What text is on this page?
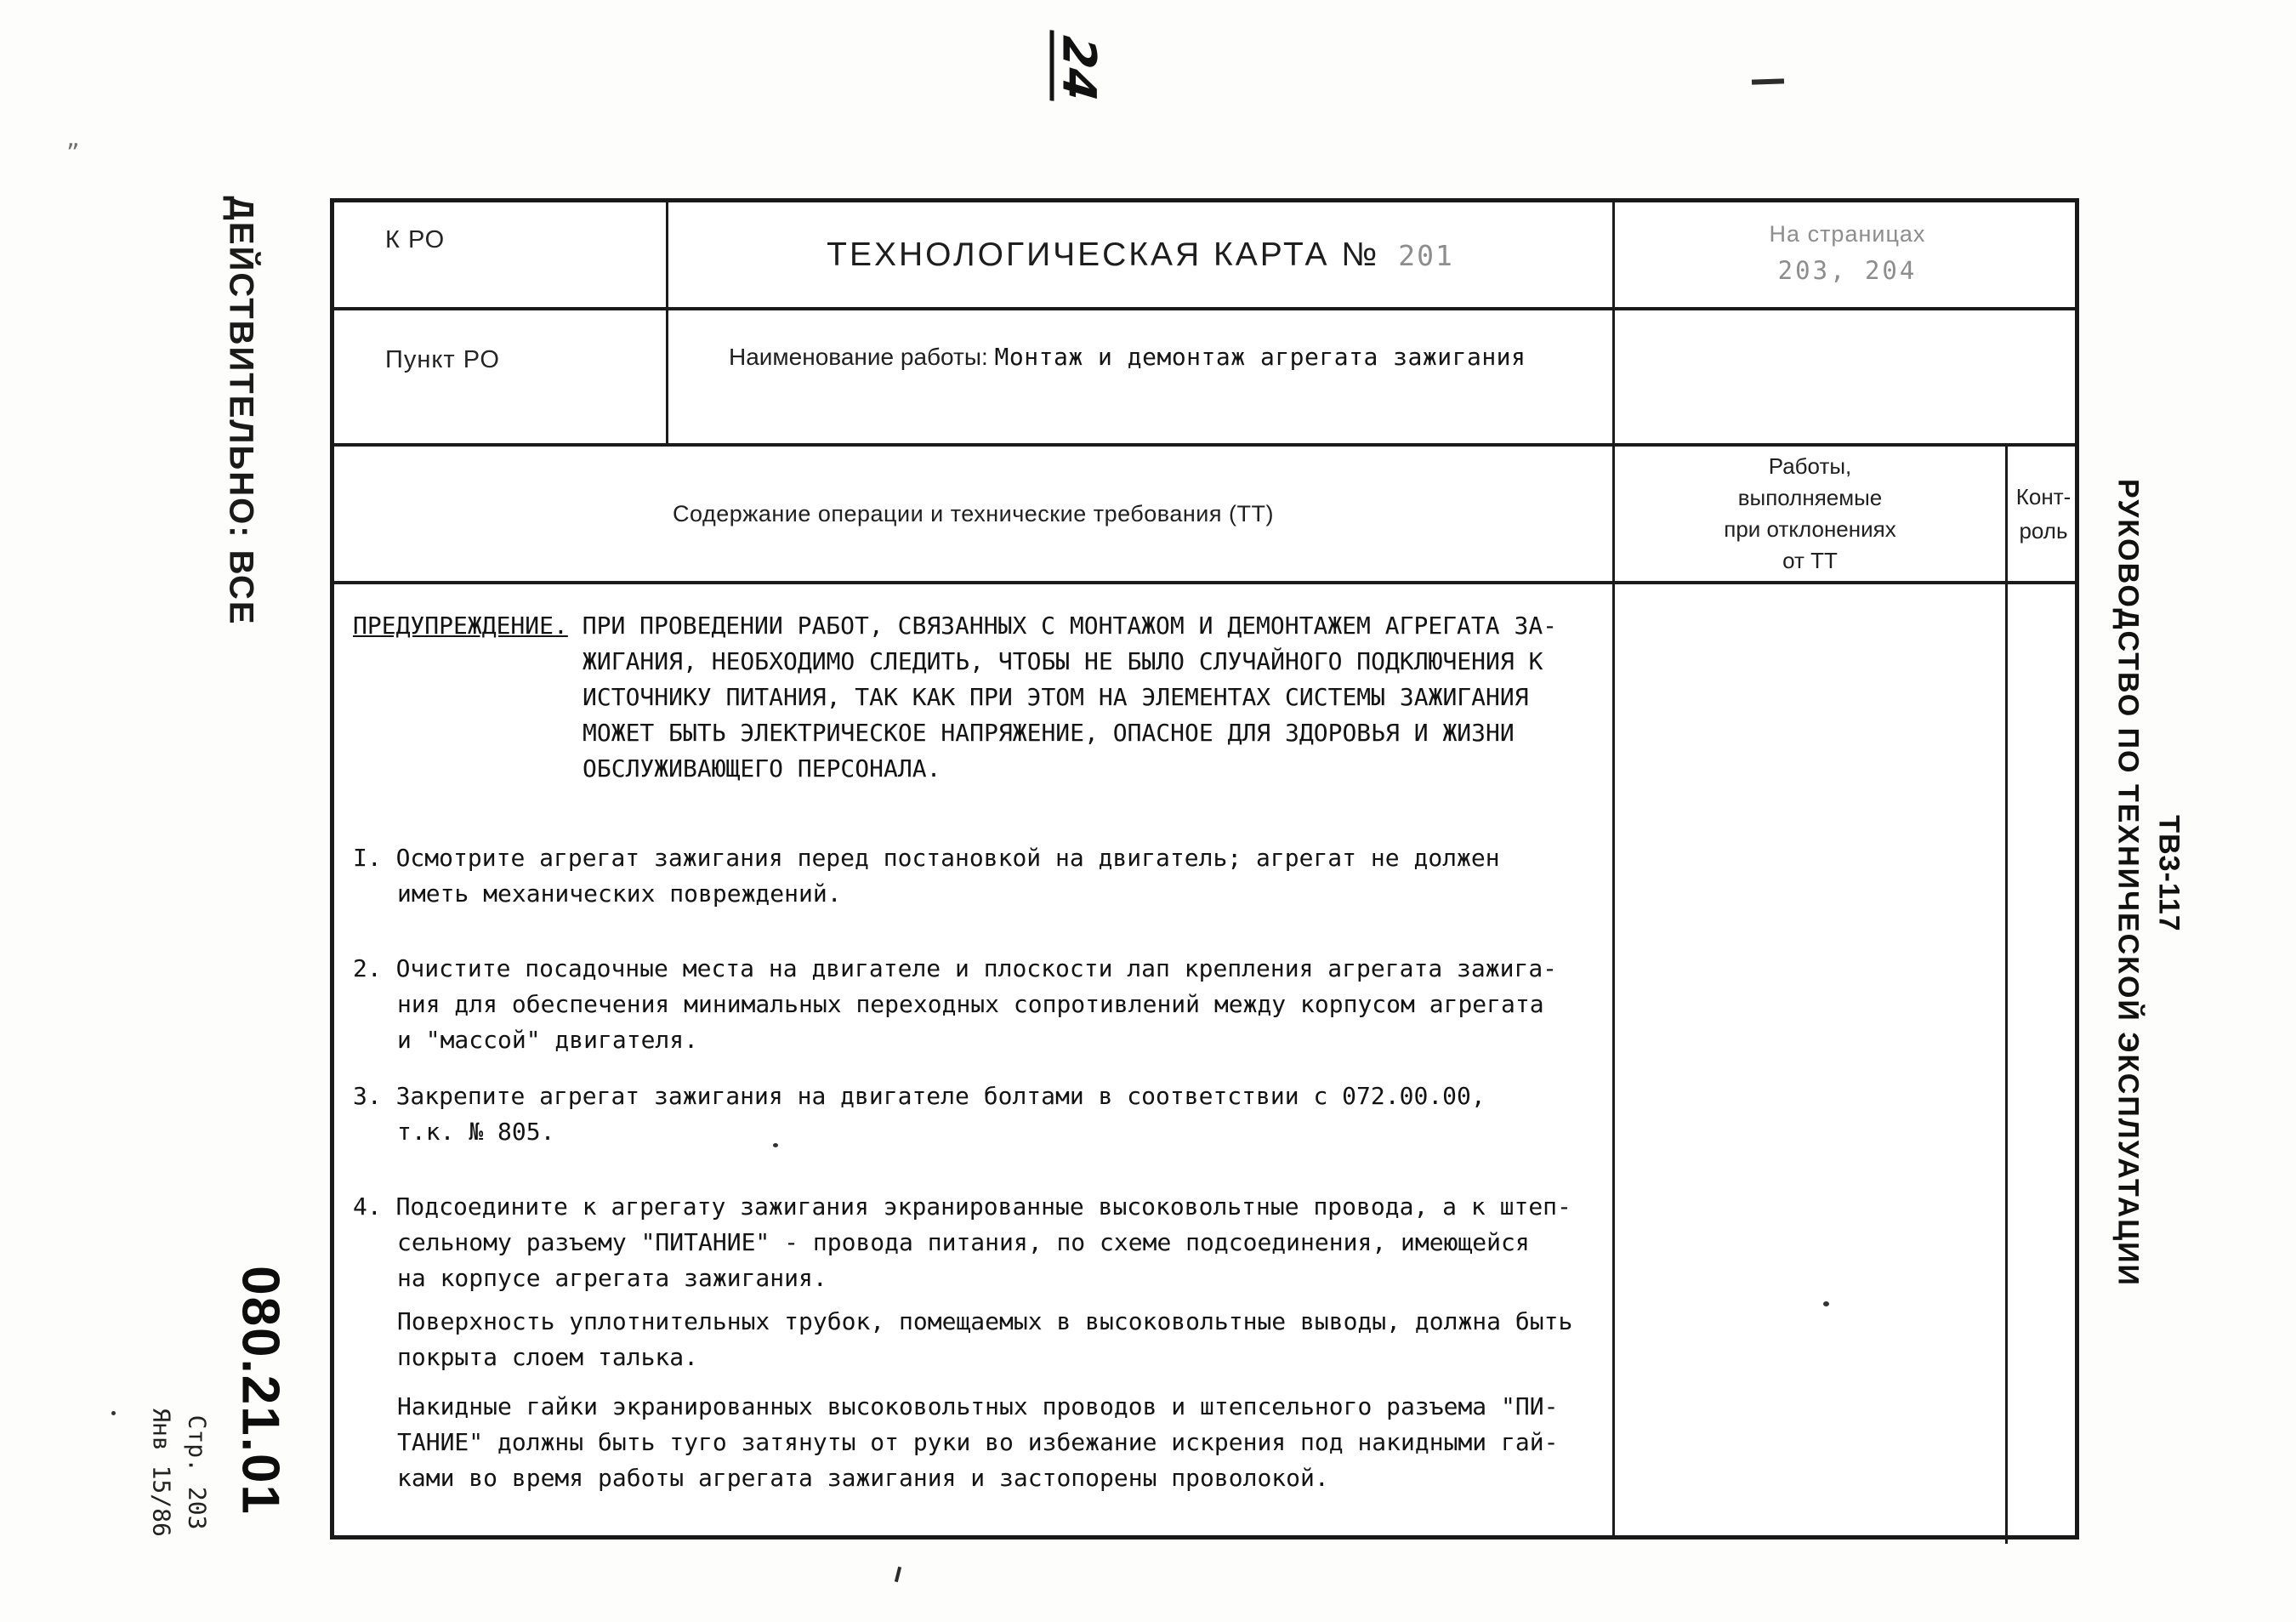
24
ДЕЙСТВИТЕЛЬНО: ВСЕ
РУКОВОДСТВО ПО ТЕХНИЧЕСКОЙ ЭКСПЛУАТАЦИИ ТВ3-117
080.21.01
Стр. 203
Янв 15/86
К РО	ТЕХНОЛОГИЧЕСКАЯ КАРТА № 201
На страницах
203, 204
Пункт РО	Наименование работы: Монтаж и демонтаж агрегата зажигания
Содержание операции и технические требования (ТТ)
Работы,
выполняемые
при отклонениях
от ТТ
Конт-
роль
ПРЕДУПРЕЖДЕНИЕ. ПРИ ПРОВЕДЕНИИ РАБОТ, СВЯЗАННЫХ С МОНТАЖОМ И ДЕМОНТАЖЕМ АГРЕГАТА ЗА-
ЖИГАНИЯ, НЕОБХОДИМО СЛЕДИТЬ, ЧТОБЫ НЕ БЫЛО СЛУЧАЙНОГО ПОДКЛЮЧЕНИЯ К
ИСТОЧНИКУ ПИТАНИЯ, ТАК КАК ПРИ ЭТОМ НА ЭЛЕМЕНТАХ СИСТЕМЫ ЗАЖИГАНИЯ
МОЖЕТ БЫТЬ ЭЛЕКТРИЧЕСКОЕ НАПРЯЖЕНИЕ, ОПАСНОЕ ДЛЯ ЗДОРОВЬЯ И ЖИЗНИ
ОБСЛУЖИВАЮЩЕГО ПЕРСОНАЛА.
I. Осмотрите агрегат зажигания перед постановкой на двигатель; агрегат не должен
иметь механических повреждений.
2. Очистите посадочные места на двигателе и плоскости лап крепления агрегата зажига-
ния для обеспечения минимальных переходных сопротивлений между корпусом агрегата
и "массой" двигателя.
3. Закрепите агрегат зажигания на двигателе болтами в соответствии с 072.00.00,
т.к. № 805.
4. Подсоедините к агрегату зажигания экранированные высоковольтные провода, а к штеп-
сельному разъему "ПИТАНИЕ" - провода питания, по схеме подсоединения, имеющейся
на корпусе агрегата зажигания.
Поверхность уплотнительных трубок, помещаемых в высоковольтные выводы, должна быть
покрыта слоем талька.
Накидные гайки экранированных высоковольтных проводов и штепсельного разъема "ПИ-
ТАНИЕ" должны быть туго затянуты от руки во избежание искрения под накидными гай-
ками во время работы агрегата зажигания и застопорены проволокой.
„
